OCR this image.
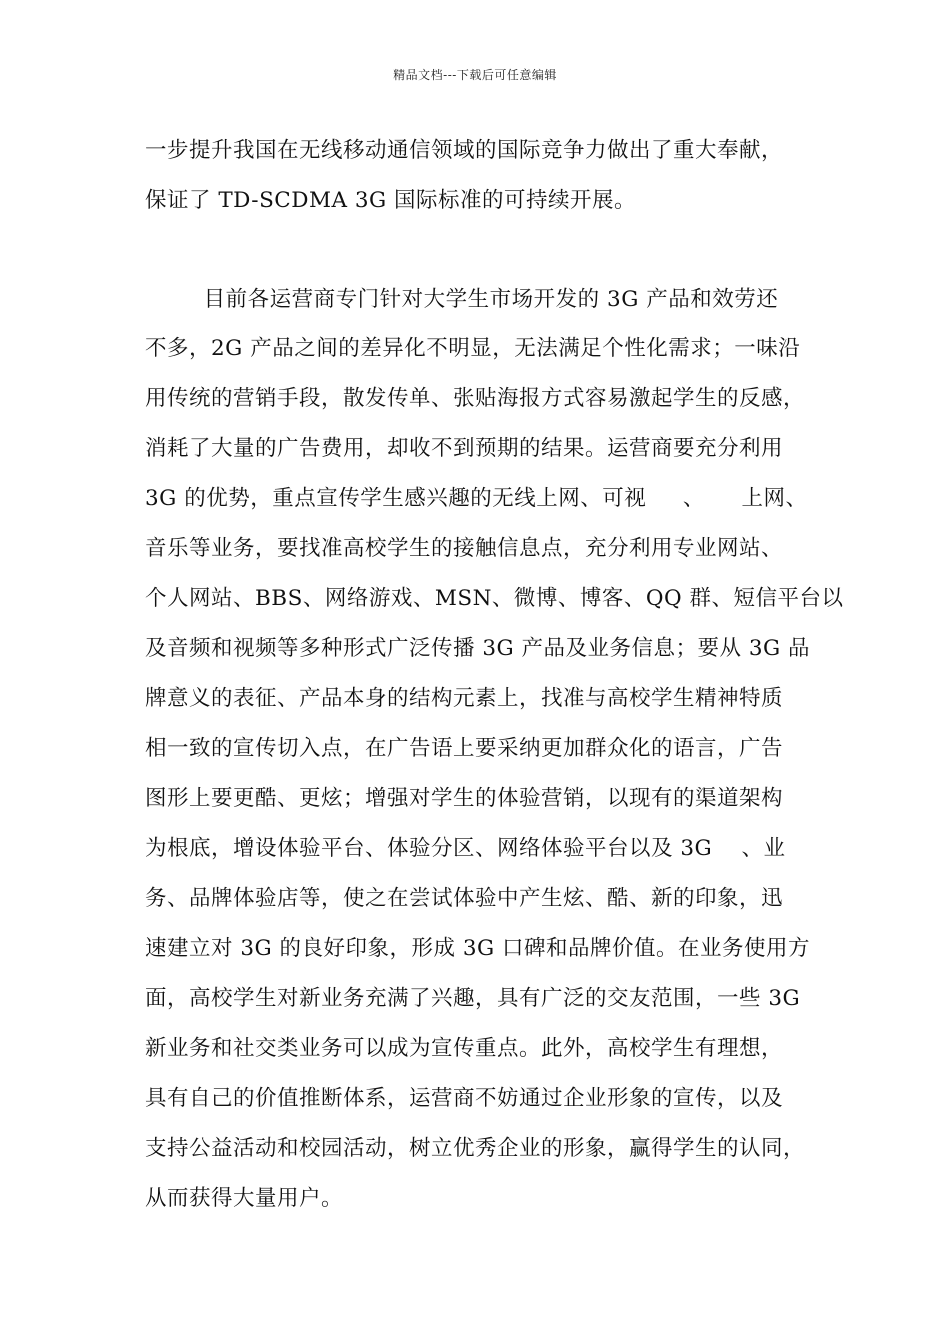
精品文档---下载后可任意编辑
一步提升我国在无线移动通信领域的国际竞争力做出了重大奉献，
保证了 TD-SCDMA 3G 国际标准的可持续开展。
目前各运营商专门针对大学生市场开发的 3G 产品和效劳还
不多，2G 产品之间的差异化不明显，无法满足个性化需求；一味沿
用传统的营销手段，散发传单、张贴海报方式容易激起学生的反感，
消耗了大量的广告费用，却收不到预期的结果。运营商要充分利用
3G 的优势，重点宣传学生感兴趣的无线上网、可视     、     上网、
音乐等业务，要找准高校学生的接触信息点，充分利用专业网站、
个人网站、BBS、网络游戏、MSN、微博、博客、QQ 群、短信平台以
及音频和视频等多种形式广泛传播 3G 产品及业务信息；要从 3G 品
牌意义的表征、产品本身的结构元素上，找准与高校学生精神特质
相一致的宣传切入点，在广告语上要采纳更加群众化的语言，广告
图形上要更酷、更炫；增强对学生的体验营销，以现有的渠道架构
为根底，增设体验平台、体验分区、网络体验平台以及 3G    、业
务、品牌体验店等，使之在尝试体验中产生炫、酷、新的印象，迅
速建立对 3G 的良好印象，形成 3G 口碑和品牌价值。在业务使用方
面，高校学生对新业务充满了兴趣，具有广泛的交友范围，一些 3G
新业务和社交类业务可以成为宣传重点。此外，高校学生有理想，
具有自己的价值推断体系，运营商不妨通过企业形象的宣传，以及
支持公益活动和校园活动，树立优秀企业的形象，赢得学生的认同，
从而获得大量用户。
